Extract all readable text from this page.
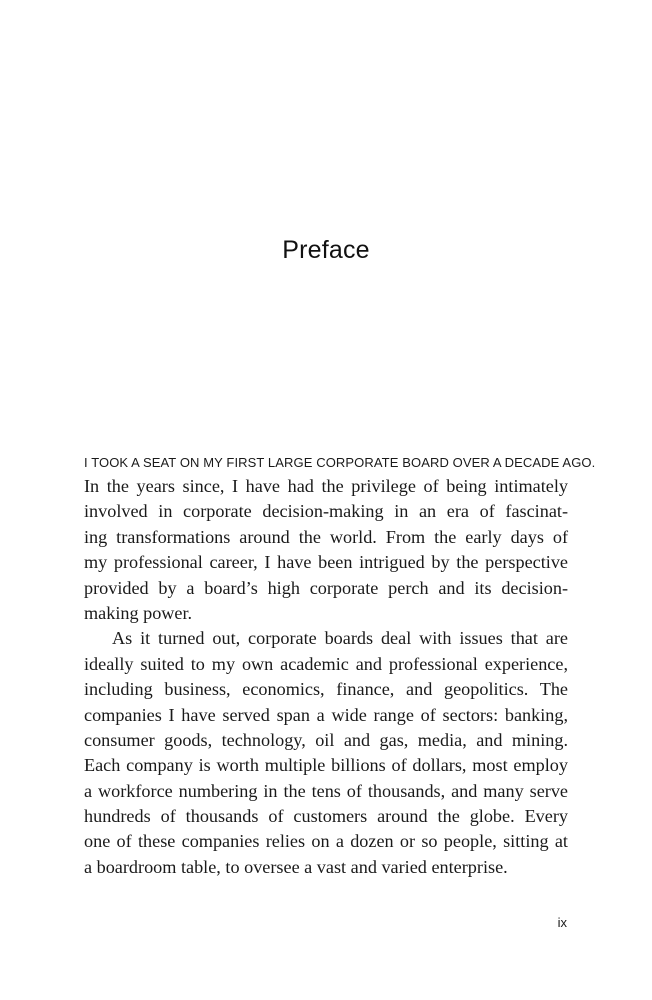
Preface
I TOOK A SEAT ON MY FIRST LARGE CORPORATE BOARD OVER A DECADE AGO.

In the years since, I have had the privilege of being intimately
involved in corporate decision-making in an era of fascinat-
ing transformations around the world. From the early days of
my professional career, I have been intrigued by the perspective
provided by a board’s high corporate perch and its decision-
making power.

As it turned out, corporate boards deal with issues that are
ideally suited to my own academic and professional experience,
including business, economics, finance, and geopolitics. The
companies I have served span a wide range of sectors: banking,
consumer goods, technology, oil and gas, media, and mining.
Each company is worth multiple billions of dollars, most employ
a workforce numbering in the tens of thousands, and many serve
hundreds of thousands of customers around the globe. Every
one of these companies relies on a dozen or so people, sitting at
a boardroom table, to oversee a vast and varied enterprise.

ix
